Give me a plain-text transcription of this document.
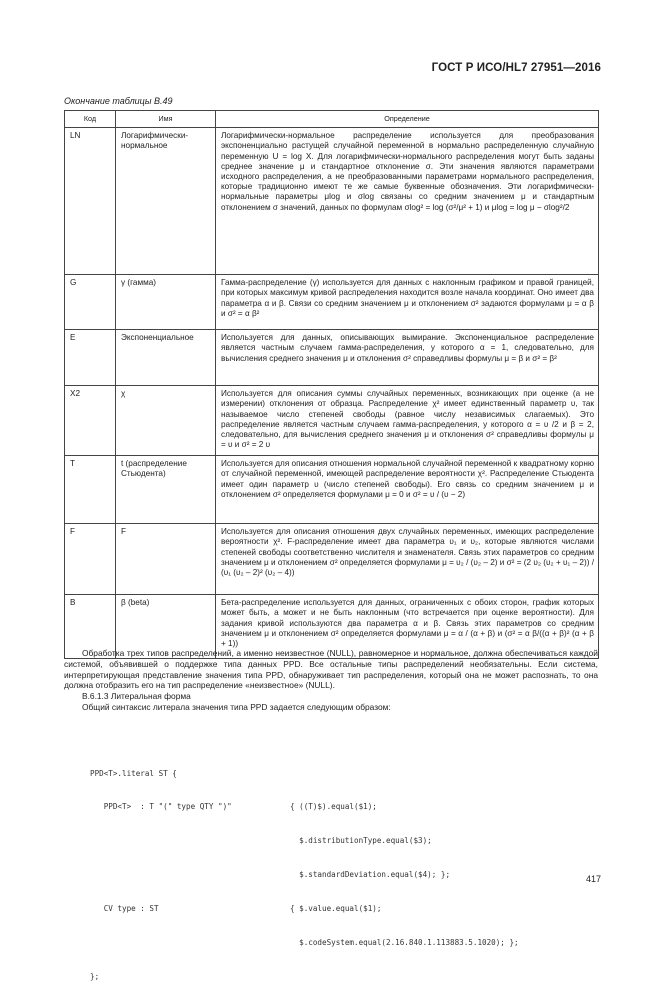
ГОСТ Р ИСО/HL7 27951—2016
Окончание таблицы В.49
Код	Имя	Определение
LN	Логарифмически-нормальное	Логарифмически-нормальное распределение используется для преобразования экспоненциально растущей случайной переменной в нормально распределенную случайную переменную U = log X. Для логарифмически-нормального распределения могут быть заданы среднее значение μ и стандартное отклонение σ. Эти значения являются параметрами исходного распределения, а не преобразованными параметрами нормального распределения, которые традиционно имеют те же самые буквенные обозначения. Эти логарифмически-нормальные параметры μlog и σlog связаны со средним значением μ и стандартным отклонением σ значений, данных по формулам σlog² = log (σ²/μ² + 1) и μlog = log μ − σlog²/2
G	γ (гамма)	Гамма-распределение (γ) используется для данных с наклонным графиком и правой границей, при которых максимум кривой распределения находится возле начала координат. Оно имеет два параметра α и β. Связи со средним значением μ и отклонением σ² задаются формулами μ = α β и σ² = α β²
E	Экспоненциальное	Используется для данных, описывающих вымирание. Экспоненциальное распределение является частным случаем гамма-распределения, у которого α = 1, следовательно, для вычисления среднего значения μ и отклонения σ² справедливы формулы μ = β и σ² = β²
X2	χ	Используется для описания суммы случайных переменных, возникающих при оценке (а не измерении) отклонения от образца. Распределение χ² имеет единственный параметр υ, так называемое число степеней свободы (равное числу независимых слагаемых). Это распределение является частным случаем гамма-распределения, у которого α = υ /2 и β = 2, следовательно, для вычисления среднего значения μ и отклонения σ² справедливы формулы μ = υ и σ² = 2 υ
T	t (распределение Стьюдента)	Используется для описания отношения нормальной случайной переменной к квадратному корню от случайной переменной, имеющей распределение вероятности χ². Распределение Стьюдента имеет один параметр υ (число степеней свободы). Его связь со средним значением μ и отклонением σ² определяется формулами μ = 0 и σ² = υ / (υ − 2)
F	F	Используется для описания отношения двух случайных переменных, имеющих распределение вероятности χ². F-распределение имеет два параметра υ₁ и υ₂, которые являются числами степеней свободы соответственно числителя и знаменателя. Связь этих параметров со средним значением μ и отклонением σ² определяется формулами μ = υ₂ / (υ₂ – 2) и σ² = (2 υ₂ (υ₂ + υ₁ – 2)) / (υ₁ (υ₂ – 2)² (υ₂ – 4))
B	β (beta)	Бета-распределение используется для данных, ограниченных с обоих сторон, график которых может быть, а может и не быть наклонным (что встречается при оценке вероятности). Для задания кривой используются два параметра α и β. Связь этих параметров со средним значением μ и отклонением σ² определяется формулами μ = α / (α + β) и (σ² = α β/((α + β)² (α + β + 1))

Обработка трех типов распределений, а именно неизвестное (NULL), равномерное и нормальное, должна обеспечиваться каждой системой, объявившей о поддержке типа данных PPD. Все остальные типы распределений необязательны. Если система, интерпретирующая представление значения типа PPD, обнаруживает тип распределения, который она не может распознать, то она должна отобразить его на тип распределение «неизвестное» (NULL).

В.6.1.3 Литеральная форма

Общий синтаксис литерала значения типа PPD задается следующим образом:

PPD<T>.literal ST {

PPD<T>  : T "(" type QTY ")"	{ ((T)$).equal($1);

$.distributionType.equal($3);

$.standardDeviation.equal($4); };

CV type : ST	{ $.value.equal($1);

$.codeSystem.equal(2.16.840.1.113883.5.1020); };

};

417
